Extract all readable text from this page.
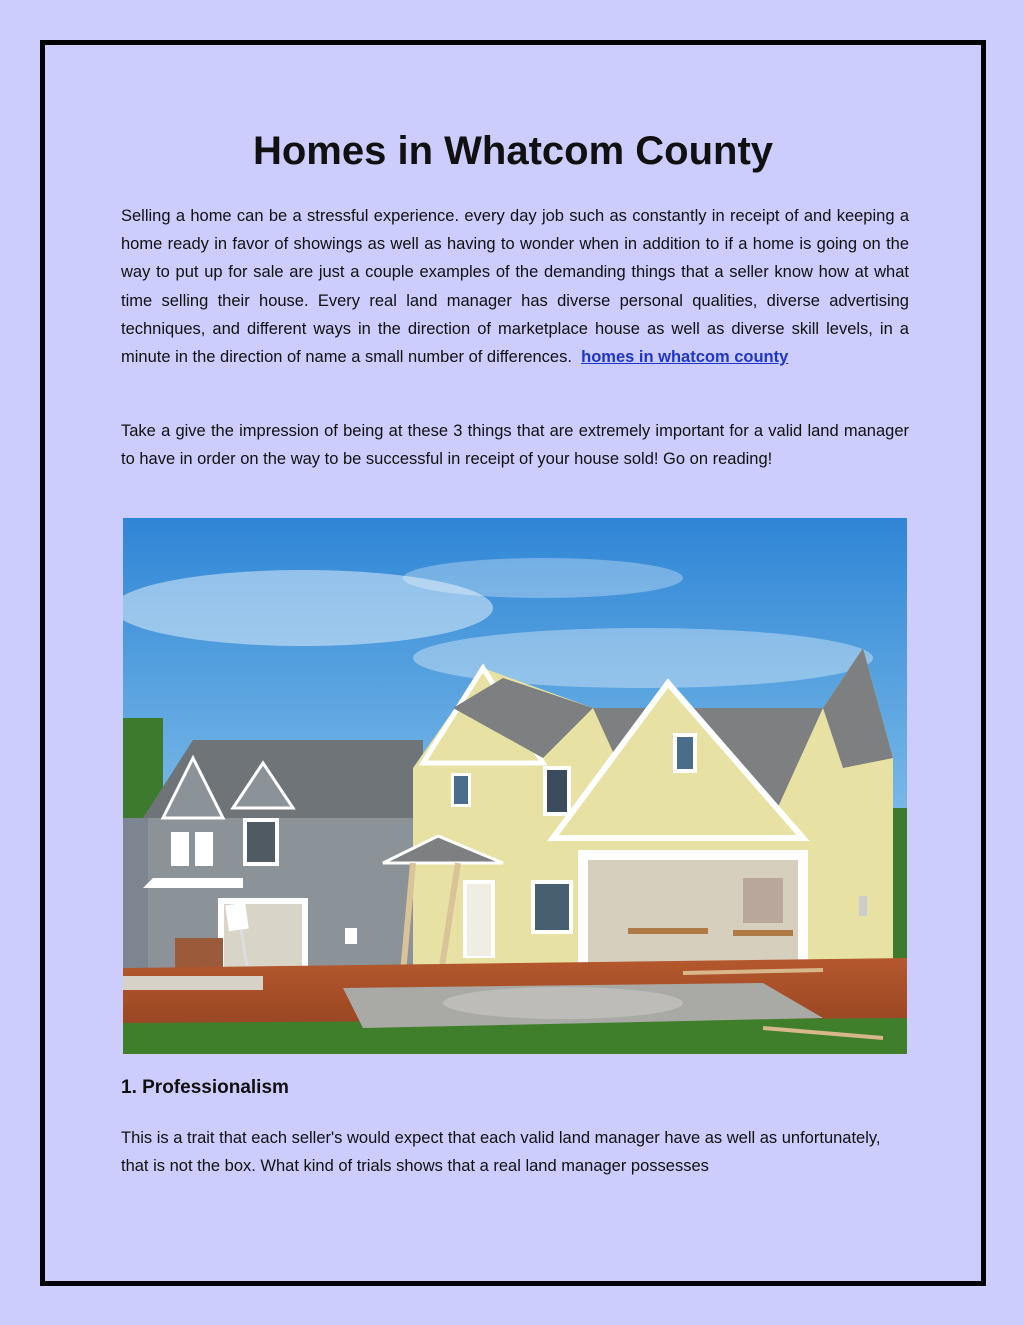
Homes in Whatcom County

Selling a home can be a stressful experience. every day job such as constantly in receipt of and keeping a home ready in favor of showings as well as having to wonder when in addition to if a home is going on the way to put up for sale are just a couple examples of the demanding things that a seller know how at what time selling their house. Every real land manager has diverse personal qualities, diverse advertising techniques, and different ways in the direction of marketplace house as well as diverse skill levels, in a minute in the direction of name a small number of differences. homes in whatcom county

Take a give the impression of being at these 3 things that are extremely important for a valid land manager to have in order on the way to be successful in receipt of your house sold! Go on reading!

1. Professionalism

This is a trait that each seller's would expect that each valid land manager have as well as unfortunately, that is not the box. What kind of trials shows that a real land manager possesses
